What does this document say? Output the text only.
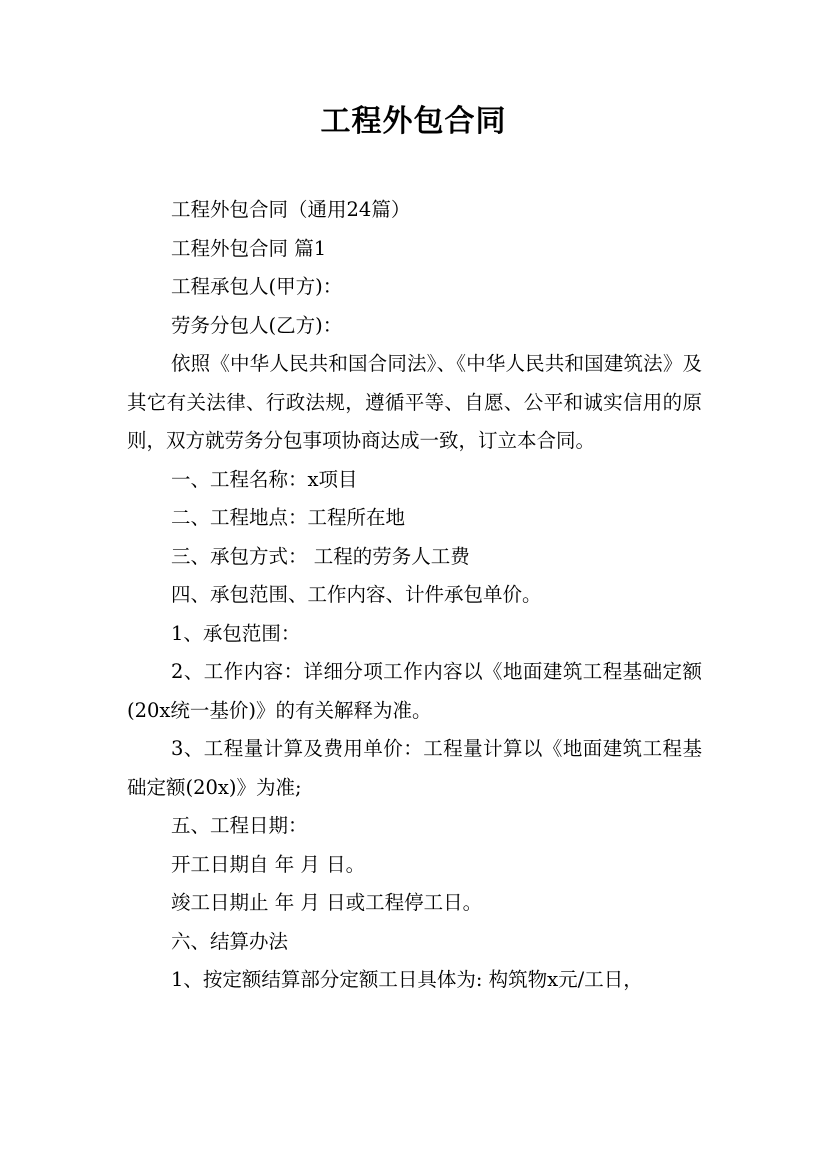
工程外包合同

工程外包合同（通用24篇）

工程外包合同 篇1

工程承包人(甲方)：

劳务分包人(乙方)：

依照《中华人民共和国合同法》、《中华人民共和国建筑法》及其它有关法律、行政法规，遵循平等、自愿、公平和诚实信用的原则，双方就劳务分包事项协商达成一致，订立本合同。

一、工程名称：x项目

二、工程地点：工程所在地

三、承包方式： 工程的劳务人工费

四、承包范围、工作内容、计件承包单价。

1、承包范围：

2、工作内容：详细分项工作内容以《地面建筑工程基础定额(20x统一基价)》的有关解释为准。

3、工程量计算及费用单价：工程量计算以《地面建筑工程基础定额(20x)》为准;

五、工程日期：

开工日期自 年 月 日。

竣工日期止 年 月 日或工程停工日。

六、结算办法

1、按定额结算部分定额工日具体为: 构筑物x元/工日，
